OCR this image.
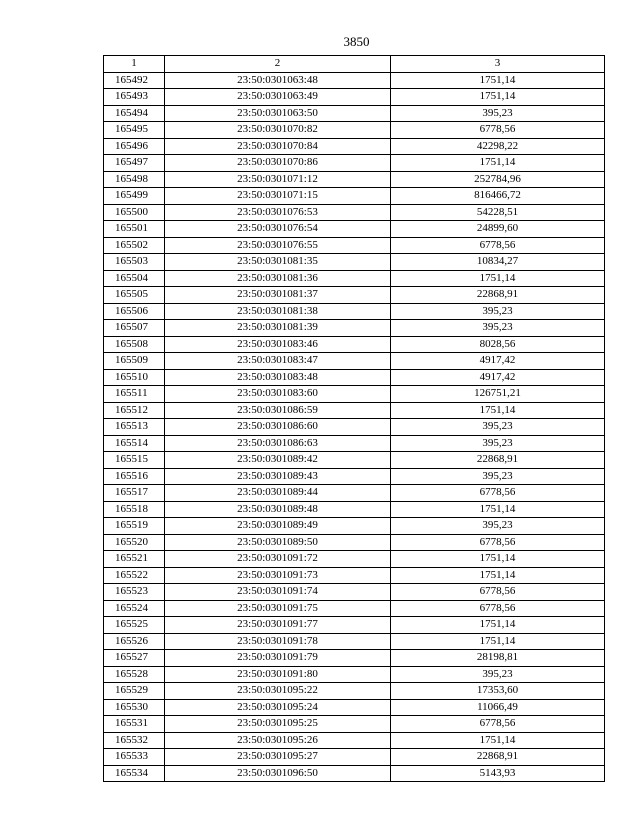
3850
1	2	3
165492	23:50:0301063:48	1751,14
165493	23:50:0301063:49	1751,14
165494	23:50:0301063:50	395,23
165495	23:50:0301070:82	6778,56
165496	23:50:0301070:84	42298,22
165497	23:50:0301070:86	1751,14
165498	23:50:0301071:12	252784,96
165499	23:50:0301071:15	816466,72
165500	23:50:0301076:53	54228,51
165501	23:50:0301076:54	24899,60
165502	23:50:0301076:55	6778,56
165503	23:50:0301081:35	10834,27
165504	23:50:0301081:36	1751,14
165505	23:50:0301081:37	22868,91
165506	23:50:0301081:38	395,23
165507	23:50:0301081:39	395,23
165508	23:50:0301083:46	8028,56
165509	23:50:0301083:47	4917,42
165510	23:50:0301083:48	4917,42
165511	23:50:0301083:60	126751,21
165512	23:50:0301086:59	1751,14
165513	23:50:0301086:60	395,23
165514	23:50:0301086:63	395,23
165515	23:50:0301089:42	22868,91
165516	23:50:0301089:43	395,23
165517	23:50:0301089:44	6778,56
165518	23:50:0301089:48	1751,14
165519	23:50:0301089:49	395,23
165520	23:50:0301089:50	6778,56
165521	23:50:0301091:72	1751,14
165522	23:50:0301091:73	1751,14
165523	23:50:0301091:74	6778,56
165524	23:50:0301091:75	6778,56
165525	23:50:0301091:77	1751,14
165526	23:50:0301091:78	1751,14
165527	23:50:0301091:79	28198,81
165528	23:50:0301091:80	395,23
165529	23:50:0301095:22	17353,60
165530	23:50:0301095:24	11066,49
165531	23:50:0301095:25	6778,56
165532	23:50:0301095:26	1751,14
165533	23:50:0301095:27	22868,91
165534	23:50:0301096:50	5143,93
